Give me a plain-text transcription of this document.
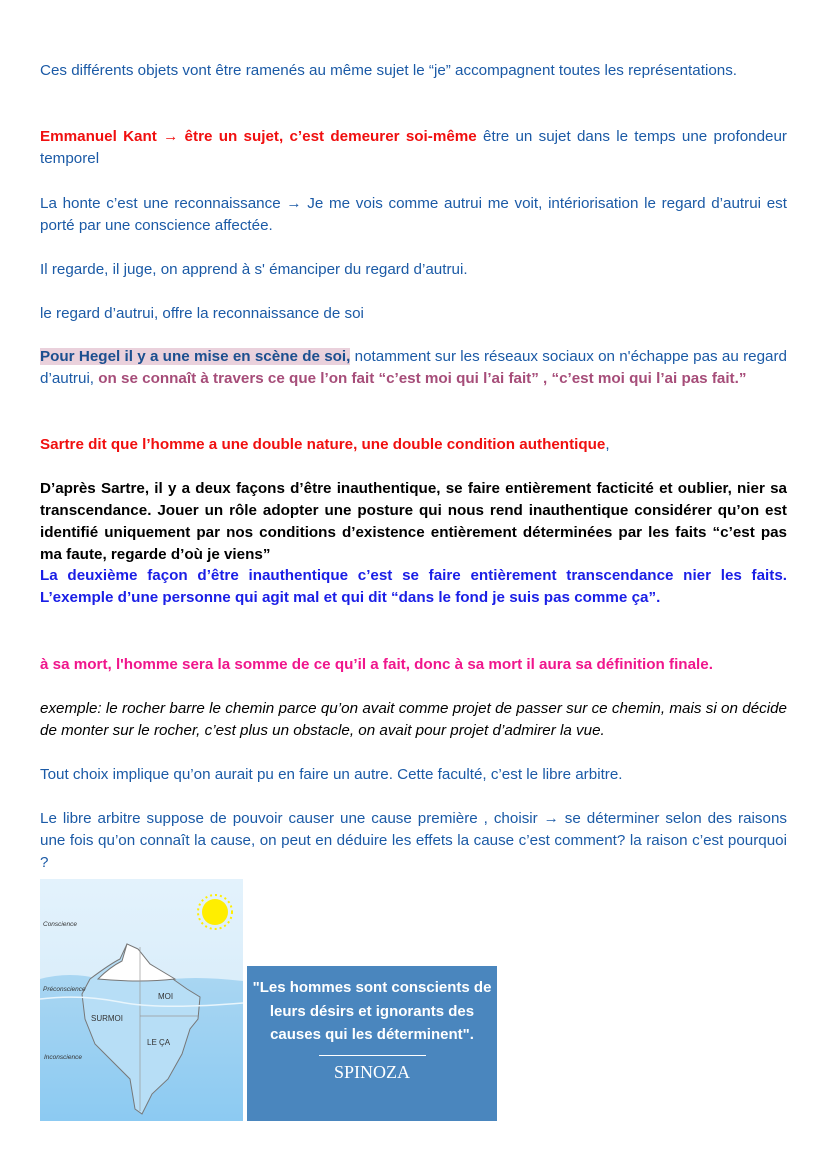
Ces différents objets vont être ramenés au même sujet le “je” accompagnent toutes les représentations.

Emmanuel Kant → être un sujet, c’est demeurer soi-même être un sujet dans le temps une profondeur temporel

La honte c’est une reconnaissance → Je me vois comme autrui me voit, intériorisation le regard d’autrui est porté par une conscience affectée.

Il regarde, il juge, on apprend à s' émanciper du regard d’autrui.

le regard d’autrui, offre la reconnaissance de soi

Pour Hegel il y a une mise en scène de soi, notamment sur les réseaux sociaux on n'échappe pas au regard d’autrui, on se connaît à travers ce que l’on fait “c’est moi qui l’ai fait” , “c’est moi qui l’ai pas fait.”

Sartre dit que l’homme a une double nature, une double condition authentique,

D’après Sartre, il y a deux façons d’être inauthentique, se faire entièrement facticité et oublier, nier sa transcendance. Jouer un rôle adopter une posture qui nous rend inauthentique considérer qu’on est identifié uniquement par nos conditions d’existence entièrement déterminées par les faits “c’est pas ma faute, regarde d’où je viens”

La deuxième façon d’être inauthentique c’est se faire entièrement transcendance nier les faits. L’exemple d’une personne qui agit mal et qui dit “dans le fond je suis pas comme ça”.

à sa mort, l'homme sera la somme de ce qu’il a fait, donc à sa mort il aura sa définition finale.

exemple: le rocher barre le chemin parce qu’on avait comme projet de passer sur ce chemin, mais si on décide de monter sur le rocher, c’est plus un obstacle, on avait pour projet d’admirer la vue.

Tout choix implique qu’on aurait pu en faire un autre. Cette faculté, c’est le libre arbitre.

Le libre arbitre suppose de pouvoir causer une cause première , choisir → se déterminer selon des raisons une fois qu’on connaît la cause, on peut en déduire les effets la cause c’est comment? la raison c’est pourquoi ?

Conscience
Préconscience
Inconscience
MOI
SURMOI
LE ÇA
"Les hommes sont conscients de leurs désirs et ignorants des causes qui les déterminent".
SPINOZA
